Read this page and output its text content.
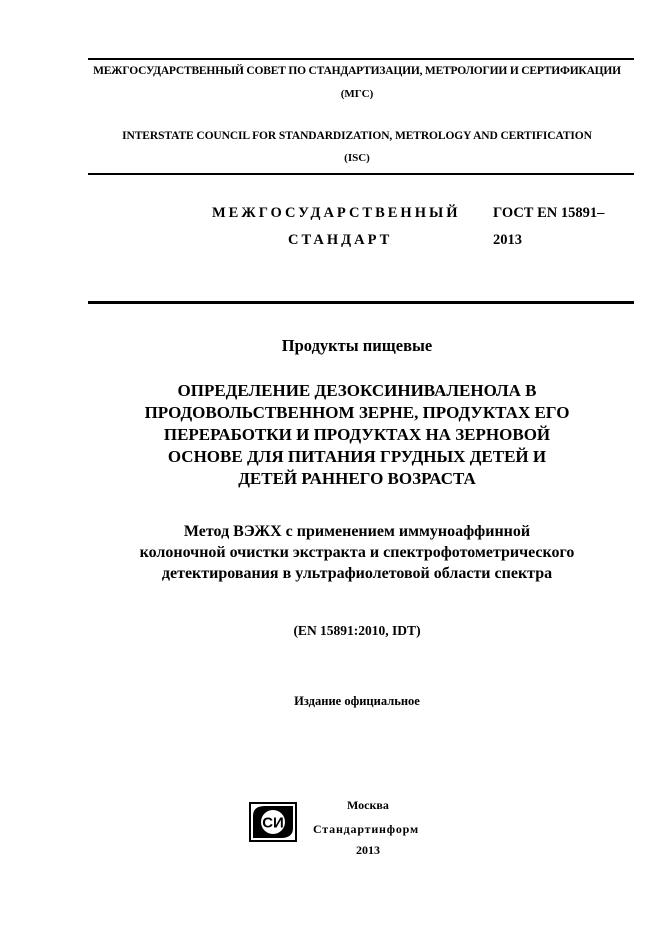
МЕЖГОСУДАРСТВЕННЫЙ СОВЕТ ПО СТАНДАРТИЗАЦИИ, МЕТРОЛОГИИ И СЕРТИФИКАЦИИ
(МГС)
INTERSTATE COUNCIL FOR STANDARDIZATION, METROLOGY AND CERTIFICATION
(ISC)
МЕЖГОСУДАРСТВЕННЫЙ
СТАНДАРТ
ГОСТ EN 15891–
2013
Продукты пищевые
ОПРЕДЕЛЕНИЕ ДЕЗОКСИНИВАЛЕНОЛА В
ПРОДОВОЛЬСТВЕННОМ ЗЕРНЕ, ПРОДУКТАХ ЕГО
ПЕРЕРАБОТКИ И ПРОДУКТАХ НА ЗЕРНОВОЙ
ОСНОВЕ ДЛЯ ПИТАНИЯ ГРУДНЫХ ДЕТЕЙ И
ДЕТЕЙ РАННЕГО ВОЗРАСТА
Метод ВЭЖХ с применением иммуноаффинной
колоночной очистки экстракта и спектрофотометрического
детектирования в ультрафиолетовой области спектра
(EN 15891:2010, IDT)
Издание официальное
СИ
Москва
Стандартинформ
2013
